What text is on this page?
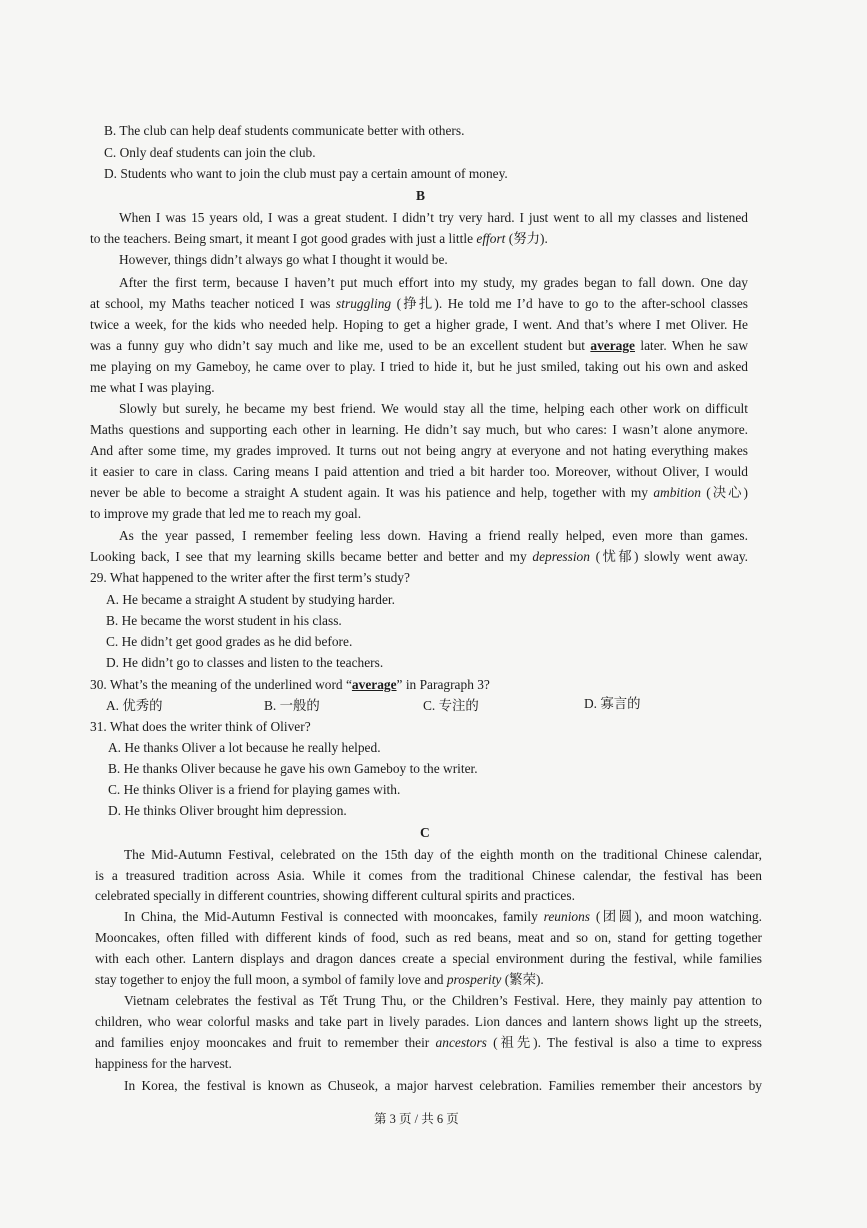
B. The club can help deaf students communicate better with others.
C. Only deaf students can join the club.
D. Students who want to join the club must pay a certain amount of money.
B
When I was 15 years old, I was a great student. I didn’t try very hard. I just went to all my classes and listened
to the teachers. Being smart, it meant I got good grades with just a little effort (努力).
However, things didn’t always go what I thought it would be.
After the first term, because I haven’t put much effort into my study, my grades began to fall down. One day
at school, my Maths teacher noticed I was struggling (挣扎). He told me I’d have to go to the after-school classes
twice a week, for the kids who needed help. Hoping to get a higher grade, I went. And that’s where I met Oliver. He
was a funny guy who didn’t say much and like me, used to be an excellent student but average later. When he saw
me playing on my Gameboy, he came over to play. I tried to hide it, but he just smiled, taking out his own and asked
me what I was playing.
Slowly but surely, he became my best friend. We would stay all the time, helping each other work on difficult
Maths questions and supporting each other in learning. He didn’t say much, but who cares: I wasn’t alone anymore.
And after some time, my grades improved. It turns out not being angry at everyone and not hating everything makes
it easier to care in class. Caring means I paid attention and tried a bit harder too. Moreover, without Oliver, I would
never be able to become a straight A student again. It was his patience and help, together with my ambition (决心)
to improve my grade that led me to reach my goal.
As the year passed, I remember feeling less down. Having a friend really helped, even more than games.
Looking back, I see that my learning skills became better and better and my depression (忧郁) slowly went away.
29. What happened to the writer after the first term’s study?
A. He became a straight A student by studying harder.
B. He became the worst student in his class.
C. He didn’t get good grades as he did before.
D. He didn’t go to classes and listen to the teachers.
30. What’s the meaning of the underlined word “average” in Paragraph 3?
A. 优秀的	B. 一般的	C. 专注的	D. 寡言的
31. What does the writer think of Oliver?
A. He thanks Oliver a lot because he really helped.
B. He thanks Oliver because he gave his own Gameboy to the writer.
C. He thinks Oliver is a friend for playing games with.
D. He thinks Oliver brought him depression.
C
The Mid-Autumn Festival, celebrated on the 15th day of the eighth month on the traditional Chinese calendar,
is a treasured tradition across Asia. While it comes from the traditional Chinese calendar, the festival has been
celebrated specially in different countries, showing different cultural spirits and practices.
In China, the Mid-Autumn Festival is connected with mooncakes, family reunions (团圆), and moon watching.
Mooncakes, often filled with different kinds of food, such as red beans, meat and so on, stand for getting together
with each other. Lantern displays and dragon dances create a special environment during the festival, while families
stay together to enjoy the full moon, a symbol of family love and prosperity (繁荣).
Vietnam celebrates the festival as Tết Trung Thu, or the Children’s Festival. Here, they mainly pay attention to
children, who wear colorful masks and take part in lively parades. Lion dances and lantern shows light up the streets,
and families enjoy mooncakes and fruit to remember their ancestors (祖先). The festival is also a time to express
happiness for the harvest.
In Korea, the festival is known as Chuseok, a major harvest celebration. Families remember their ancestors by
第 3 页 / 共 6 页
